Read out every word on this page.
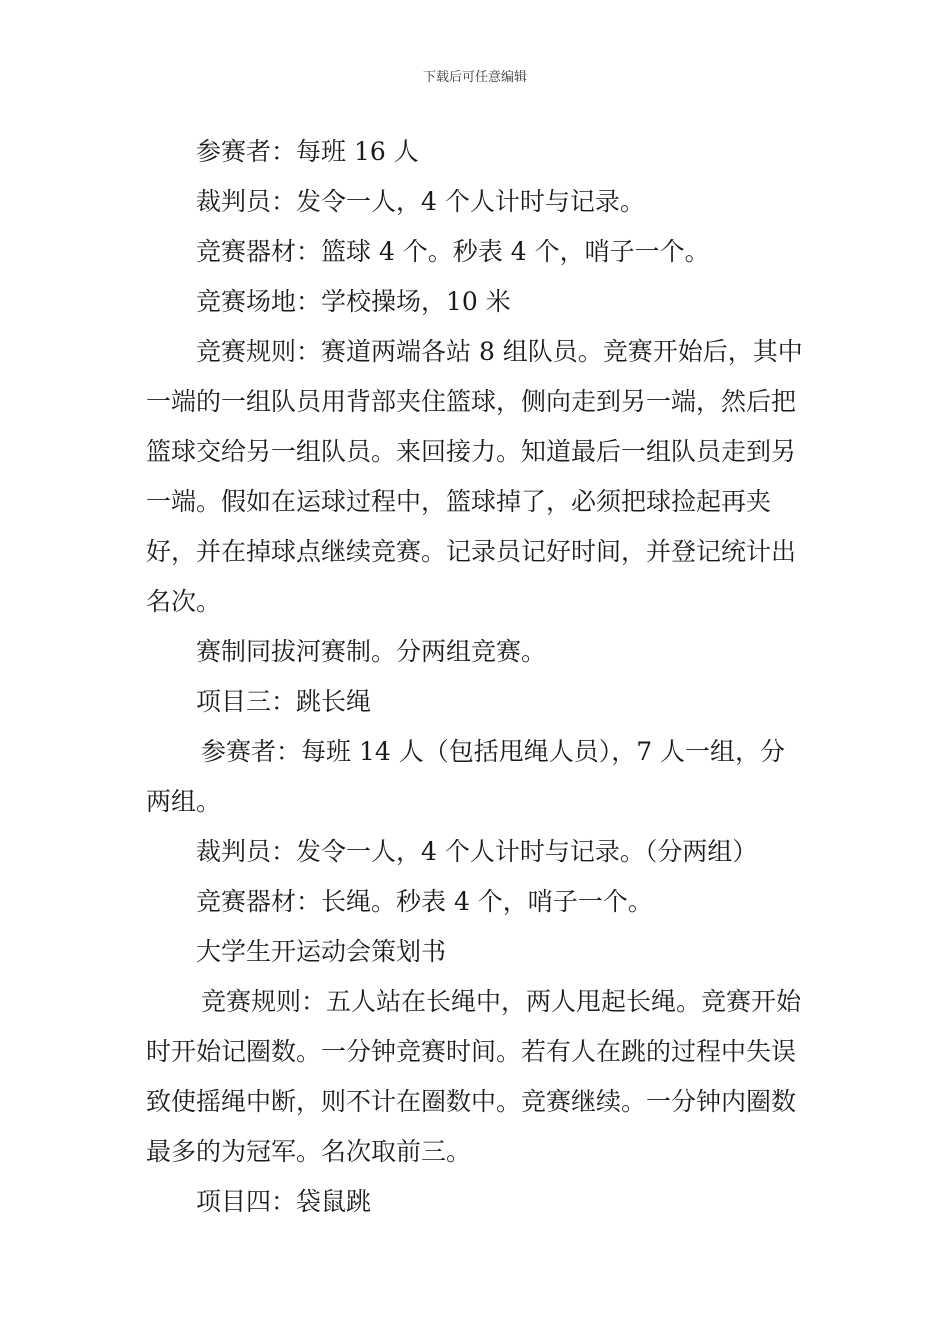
下载后可任意编辑

参赛者：每班 16 人

裁判员：发令一人，4 个人计时与记录。

竞赛器材：篮球 4 个。秒表 4 个，哨子一个。

竞赛场地：学校操场，10 米

竞赛规则：赛道两端各站 8 组队员。竞赛开始后，其中一端的一组队员用背部夹住篮球，侧向走到另一端，然后把篮球交给另一组队员。来回接力。知道最后一组队员走到另一端。假如在运球过程中，篮球掉了，必须把球捡起再夹好，并在掉球点继续竞赛。记录员记好时间，并登记统计出名次。

赛制同拔河赛制。分两组竞赛。

项目三：跳长绳

参赛者：每班 14 人（包括甩绳人员），7 人一组，分两组。

裁判员：发令一人，4 个人计时与记录。（分两组）

竞赛器材：长绳。秒表 4 个，哨子一个。

大学生开运动会策划书

竞赛规则：五人站在长绳中，两人甩起长绳。竞赛开始时开始记圈数。一分钟竞赛时间。若有人在跳的过程中失误致使摇绳中断，则不计在圈数中。竞赛继续。一分钟内圈数最多的为冠军。名次取前三。

项目四：袋鼠跳
